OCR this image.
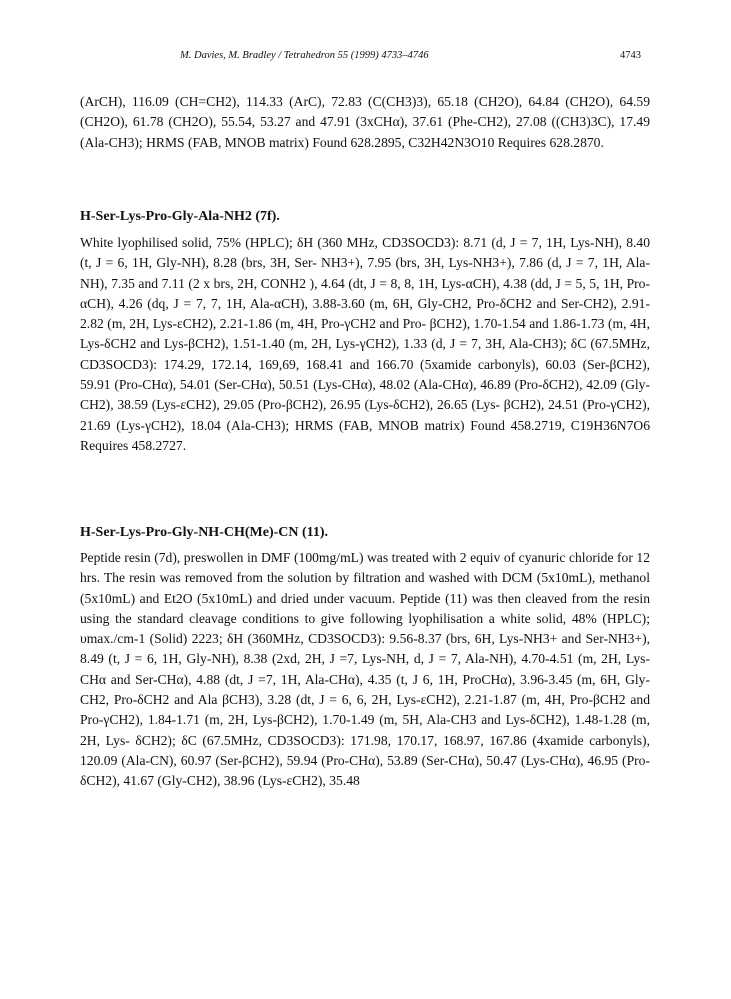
M. Davies, M. Bradley / Tetrahedron 55 (1999) 4733–4746	4743
(ArCH), 116.09 (CH=CH2), 114.33 (ArC), 72.83 (C(CH3)3), 65.18 (CH2O), 64.84 (CH2O), 64.59 (CH2O), 61.78 (CH2O), 55.54, 53.27 and 47.91 (3xCHα), 37.61 (Phe-CH2), 27.08 ((CH3)3C), 17.49 (Ala-CH3); HRMS (FAB, MNOB matrix) Found 628.2895, C32H42N3O10 Requires 628.2870.
H-Ser-Lys-Pro-Gly-Ala-NH2 (7f).
White lyophilised solid, 75% (HPLC); δH (360 MHz, CD3SOCD3): 8.71 (d, J = 7, 1H, Lys-NH), 8.40 (t, J = 6, 1H, Gly-NH), 8.28 (brs, 3H, Ser- NH3+), 7.95 (brs, 3H, Lys-NH3+), 7.86 (d, J = 7, 1H, Ala-NH), 7.35 and 7.11 (2 x brs, 2H, CONH2 ), 4.64 (dt, J = 8, 8, 1H, Lys-αCH), 4.38 (dd, J = 5, 5, 1H, Pro-αCH), 4.26 (dq, J = 7, 7, 1H, Ala-αCH), 3.88-3.60 (m, 6H, Gly-CH2, Pro-δCH2 and Ser-CH2), 2.91-2.82 (m, 2H, Lys-εCH2), 2.21-1.86 (m, 4H, Pro-γCH2 and Pro- βCH2), 1.70-1.54 and 1.86-1.73 (m, 4H, Lys-δCH2 and Lys-βCH2), 1.51-1.40 (m, 2H, Lys-γCH2), 1.33 (d, J = 7, 3H, Ala-CH3); δC (67.5MHz, CD3SOCD3): 174.29, 172.14, 169,69, 168.41 and 166.70 (5xamide carbonyls), 60.03 (Ser-βCH2), 59.91 (Pro-CHα), 54.01 (Ser-CHα), 50.51 (Lys-CHα), 48.02 (Ala-CHα), 46.89 (Pro-δCH2), 42.09 (Gly-CH2), 38.59 (Lys-εCH2), 29.05 (Pro-βCH2), 26.95 (Lys-δCH2), 26.65 (Lys- βCH2), 24.51 (Pro-γCH2), 21.69 (Lys-γCH2), 18.04 (Ala-CH3); HRMS (FAB, MNOB matrix) Found 458.2719, C19H36N7O6 Requires 458.2727.
H-Ser-Lys-Pro-Gly-NH-CH(Me)-CN (11).
Peptide resin (7d), preswollen in DMF (100mg/mL) was treated with 2 equiv of cyanuric chloride for 12 hrs. The resin was removed from the solution by filtration and washed with DCM (5x10mL), methanol (5x10mL) and Et2O (5x10mL) and dried under vacuum. Peptide (11) was then cleaved from the resin using the standard cleavage conditions to give following lyophilisation a white solid, 48% (HPLC); υmax./cm-1 (Solid) 2223; δH (360MHz, CD3SOCD3): 9.56-8.37 (brs, 6H, Lys-NH3+ and Ser-NH3+), 8.49 (t, J = 6, 1H, Gly-NH), 8.38 (2xd, 2H, J =7, Lys-NH, d, J = 7, Ala-NH), 4.70-4.51 (m, 2H, Lys-CHα and Ser-CHα), 4.88 (dt, J =7, 1H, Ala-CHα), 4.35 (t, J 6, 1H, ProCHα), 3.96-3.45 (m, 6H, Gly-CH2, Pro-δCH2 and Ala βCH3), 3.28 (dt, J = 6, 6, 2H, Lys-εCH2), 2.21-1.87 (m, 4H, Pro-βCH2 and Pro-γCH2), 1.84-1.71 (m, 2H, Lys-βCH2), 1.70-1.49 (m, 5H, Ala-CH3 and Lys-δCH2), 1.48-1.28 (m, 2H, Lys- δCH2); δC (67.5MHz, CD3SOCD3): 171.98, 170.17, 168.97, 167.86 (4xamide carbonyls), 120.09 (Ala-CN), 60.97 (Ser-βCH2), 59.94 (Pro-CHα), 53.89 (Ser-CHα), 50.47 (Lys-CHα), 46.95 (Pro-δCH2), 41.67 (Gly-CH2), 38.96 (Lys-εCH2), 35.48
